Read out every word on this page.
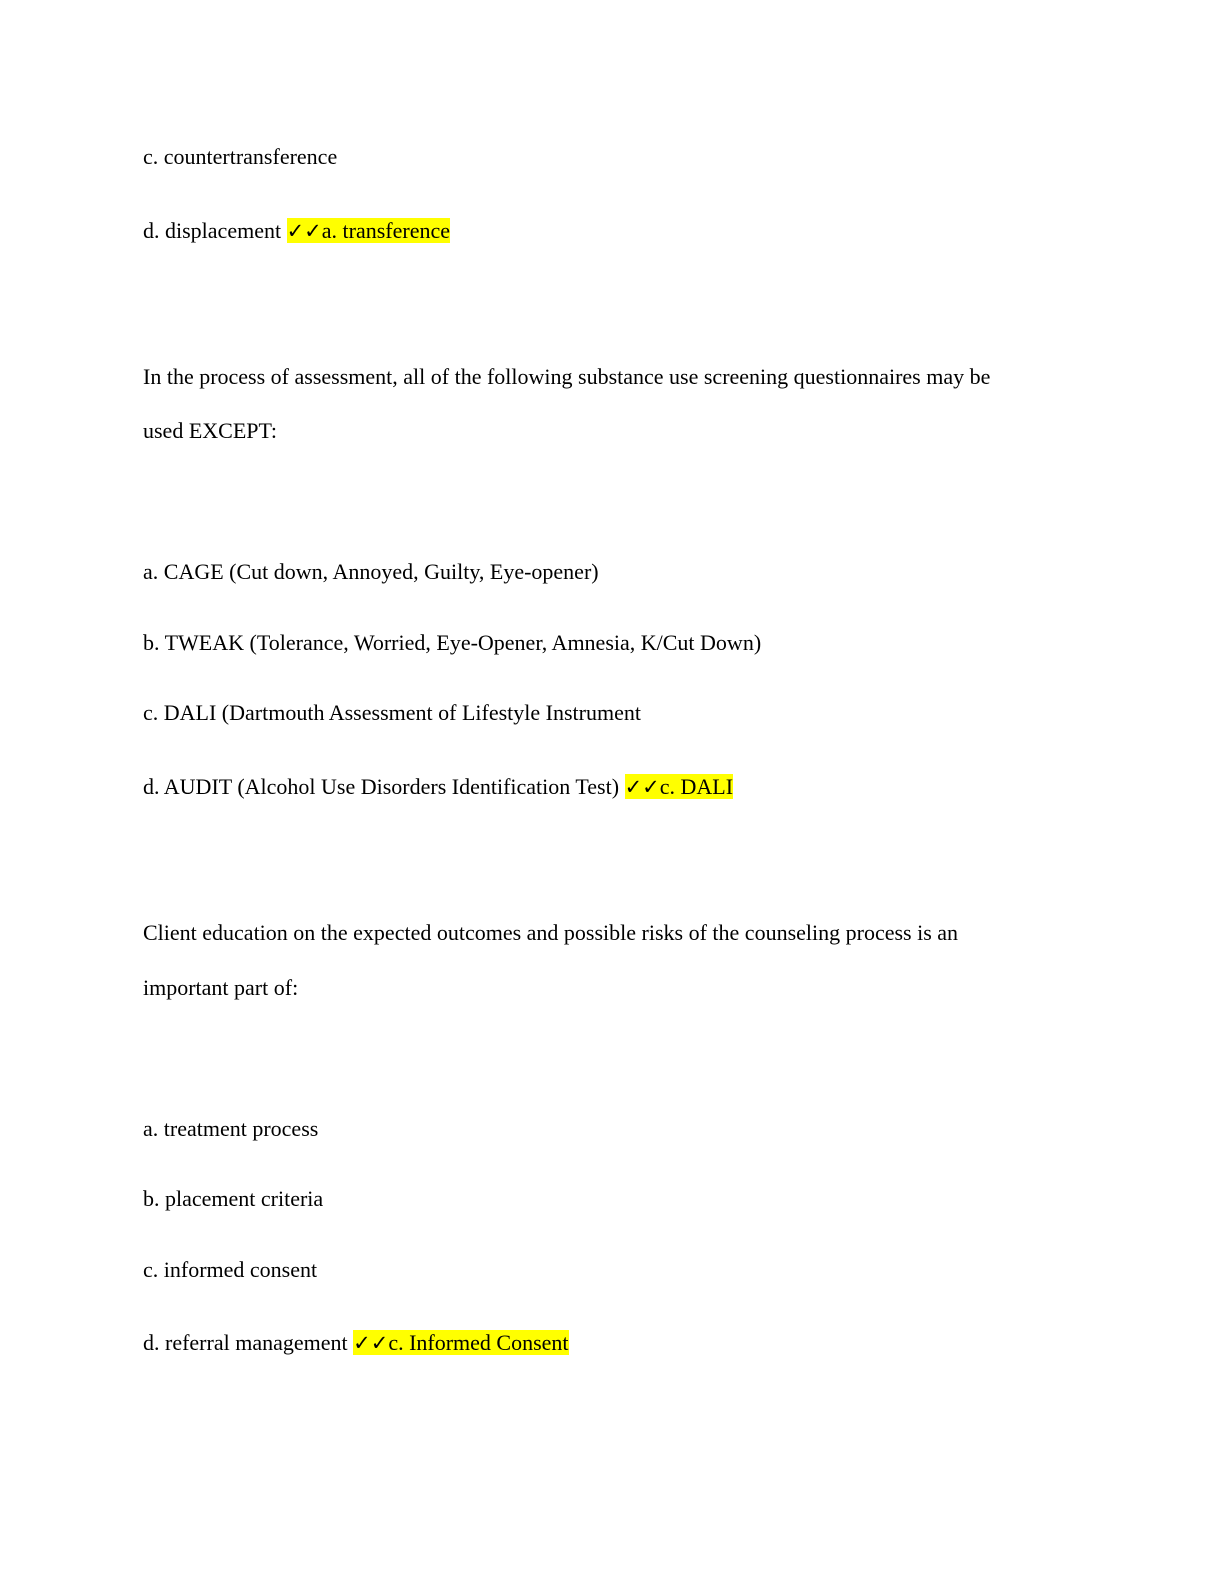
c. countertransference
d. displacement ✓✓a. transference
In the process of assessment, all of the following substance use screening questionnaires may be
used EXCEPT:
a. CAGE (Cut down, Annoyed, Guilty, Eye-opener)
b. TWEAK (Tolerance, Worried, Eye-Opener, Amnesia, K/Cut Down)
c. DALI (Dartmouth Assessment of Lifestyle Instrument
d. AUDIT (Alcohol Use Disorders Identification Test) ✓✓c. DALI
Client education on the expected outcomes and possible risks of the counseling process is an
important part of:
a. treatment process
b. placement criteria
c. informed consent
d. referral management ✓✓c. Informed Consent
